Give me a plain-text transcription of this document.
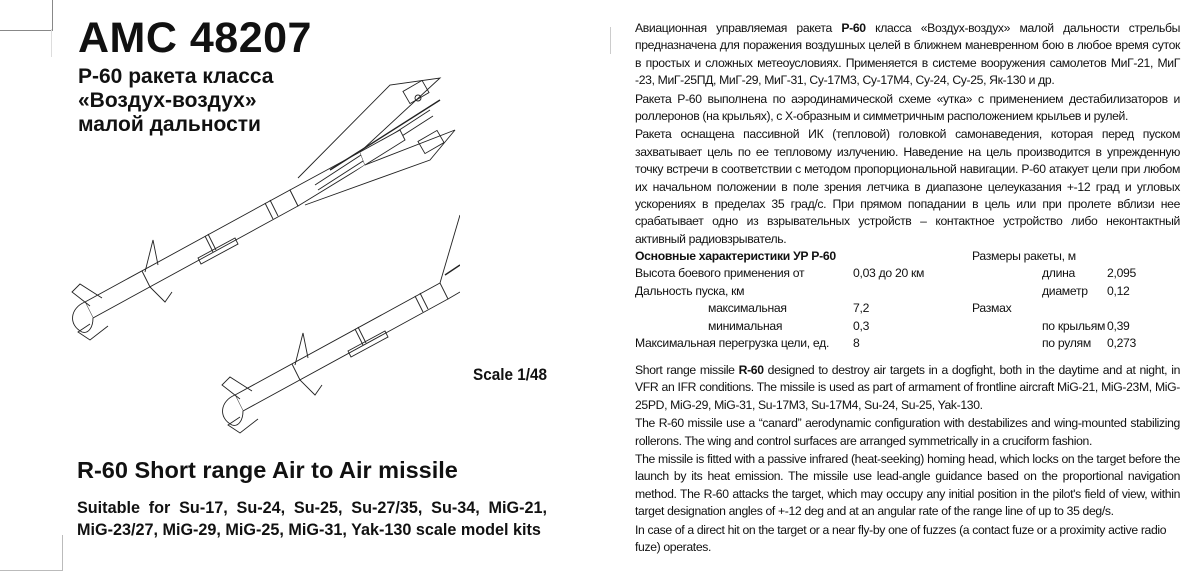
AMC 48207
Р-60 ракета класса
«Воздух-воздух»
малой дальности
Scale 1/48
R-60 Short range Air to Air missile
Suitable for Su-17, Su-24, Su-25, Su-27/35, Su-34, MiG-21,
MiG-23/27, MiG-29, MiG-25, MiG-31, Yak-130 scale model kits

Авиационная управляемая ракета Р-60 класса «Воздух-воздух» малой дальности стрельбы предназначена для поражения воздушных целей в ближнем маневренном бою в любое время суток в простых и сложных метеоусловиях. Применяется в системе вооружения самолетов МиГ-21, МиГ -23, МиГ-25ПД, МиГ-29, МиГ-31, Су-17М3, Су-17М4, Су-24, Су-25, Як-130 и др.

Ракета Р-60 выполнена по аэродинамической схеме «утка» с применением дестабилизаторов и роллеронов (на крыльях), с Х-образным и симметричным расположением крыльев и рулей.

Ракета оснащена пассивной ИК (тепловой) головкой самонаведения, которая перед пуском захватывает цель по ее тепловому излучению. Наведение на цель производится в упрежденную точку встречи в соответствии с методом пропорциональной навигации. Р-60 атакует цели при любом их начальном положении в поле зрения летчика в диапазоне целеуказания +-12 град и угловых ускорениях в пределах 35 град/с. При прямом попадании в цель или при пролете вблизи нее срабатывает одно из взрывательных устройств – контактное устройство либо неконтактный активный радиовзрыватель.

Основные характеристики УР Р-60	Размеры ракеты, м
Высота боевого применения от	0,03 до 20 км	длина	2,095
Дальность пуска, км	диаметр 0,12
максимальная	7,2	Размах
минимальная	0,3	по крыльям 0,39
Максимальная перегрузка цели, ед. 8	по рулям 0,273

Short range missile R-60 designed to destroy air targets in a dogfight, both in the daytime and at night, in VFR an IFR conditions. The missile is used as part of armament of frontline aircraft MiG-21, MiG-23M, MiG-25PD, MiG-29, MiG-31, Su-17M3, Su-17M4, Su-24, Su-25, Yak-130.

The R-60 missile use a “canard” aerodynamic configuration with destabilizes and wing-mounted stabilizing rollerons. The wing and control surfaces are arranged symmetrically in a cruciform fashion.

The missile is fitted with a passive infrared (heat-seeking) homing head, which locks on the target before the launch by its heat emission. The missile use lead-angle guidance based on the proportional navigation method. The R-60 attacks the target, which may occupy any initial position in the pilot's field of view, within target designation angles of +-12 deg and at an angular rate of the range line of up to 35 deg/s.

In case of a direct hit on the target or a near fly-by one of fuzzes (a contact fuze or a proximity active radio fuze) operates.
